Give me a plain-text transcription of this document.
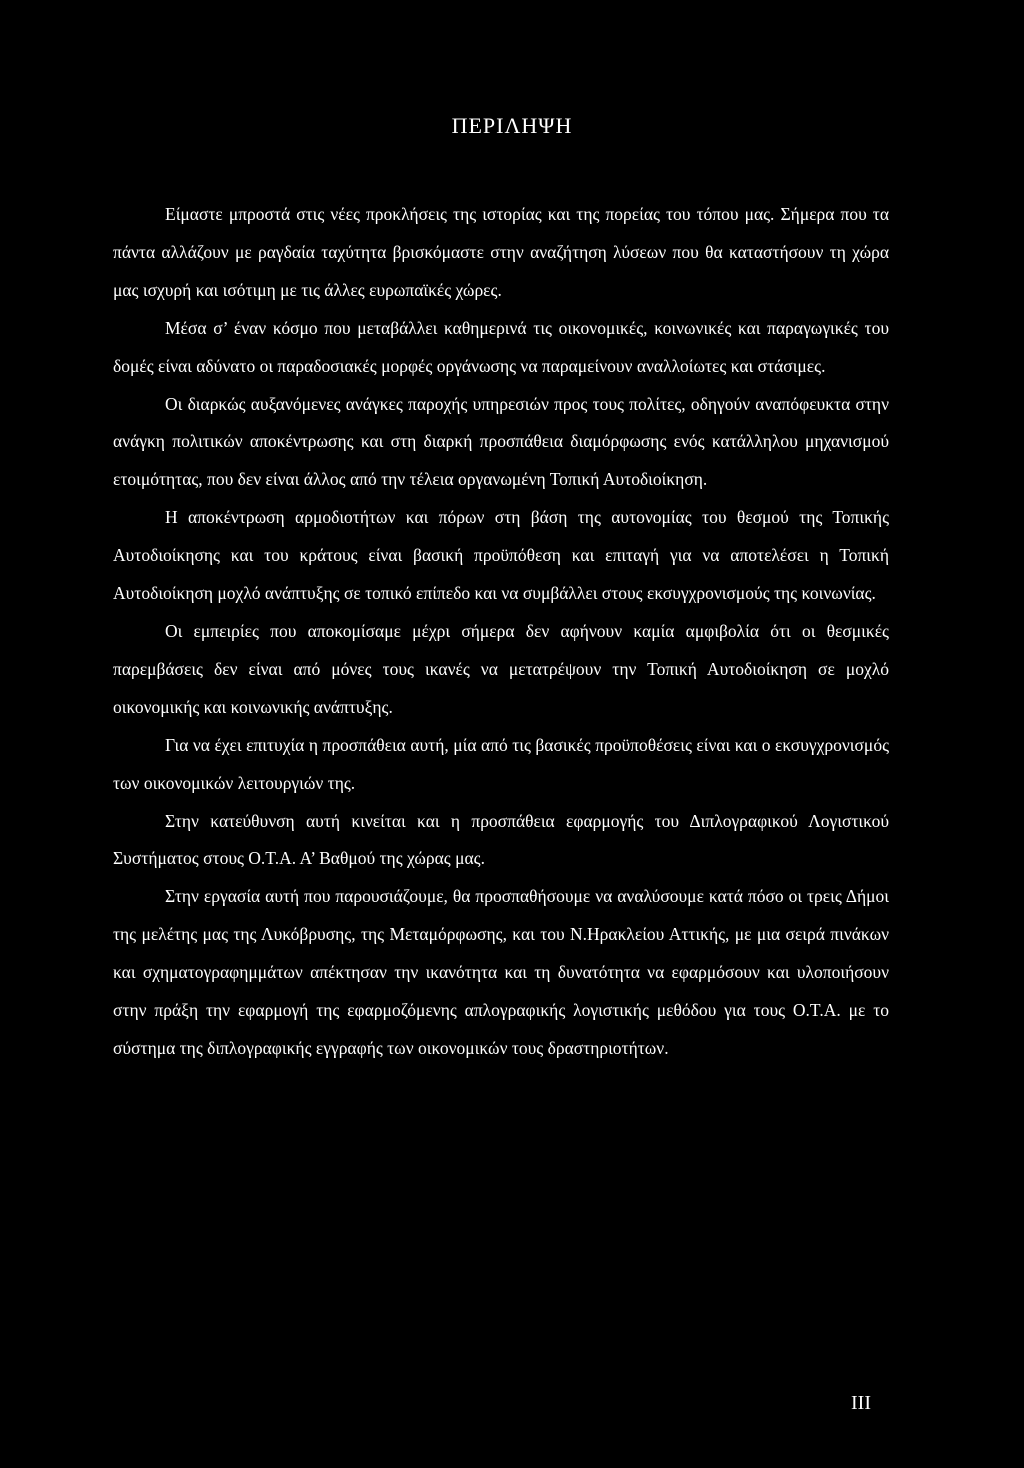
ΠΕΡΙΛΗΨΗ

Είμαστε μπροστά στις νέες προκλήσεις της ιστορίας και της πορείας του τόπου μας. Σήμερα που τα πάντα αλλάζουν με ραγδαία ταχύτητα βρισκόμαστε στην αναζήτηση λύσεων που θα καταστήσουν τη χώρα μας ισχυρή και ισότιμη με τις άλλες ευρωπαϊκές χώρες.

Μέσα σ’ έναν κόσμο που μεταβάλλει καθημερινά τις οικονομικές, κοινωνικές και παραγωγικές του δομές είναι αδύνατο οι παραδοσιακές μορφές οργάνωσης να παραμείνουν αναλλοίωτες και στάσιμες.

Οι διαρκώς αυξανόμενες ανάγκες παροχής υπηρεσιών προς τους πολίτες, οδηγούν αναπόφευκτα στην ανάγκη πολιτικών αποκέντρωσης και στη διαρκή προσπάθεια διαμόρφωσης ενός κατάλληλου μηχανισμού ετοιμότητας, που δεν είναι άλλος από την τέλεια οργανωμένη Τοπική Αυτοδιοίκηση.

Η αποκέντρωση αρμοδιοτήτων και πόρων στη βάση της αυτονομίας του θεσμού της Τοπικής Αυτοδιοίκησης και του κράτους είναι βασική προϋπόθεση και επιταγή για να αποτελέσει η Τοπική Αυτοδιοίκηση μοχλό ανάπτυξης σε τοπικό επίπεδο και να συμβάλλει στους εκσυγχρονισμούς της κοινωνίας.

Οι εμπειρίες που αποκομίσαμε μέχρι σήμερα δεν αφήνουν καμία αμφιβολία ότι οι θεσμικές παρεμβάσεις δεν είναι από μόνες τους ικανές να μετατρέψουν την Τοπική Αυτοδιοίκηση σε μοχλό οικονομικής και κοινωνικής ανάπτυξης.

Για να έχει επιτυχία η προσπάθεια αυτή, μία από τις βασικές προϋποθέσεις είναι και ο εκσυγχρονισμός των οικονομικών λειτουργιών της.

Στην κατεύθυνση αυτή κινείται και η προσπάθεια εφαρμογής του Διπλογραφικού Λογιστικού Συστήματος στους Ο.Τ.Α. Α’ Βαθμού της χώρας μας.

Στην εργασία αυτή που παρουσιάζουμε, θα προσπαθήσουμε να αναλύσουμε κατά πόσο οι τρεις Δήμοι της μελέτης μας της Λυκόβρυσης, της Μεταμόρφωσης, και του Ν.Ηρακλείου Αττικής, με μια σειρά πινάκων και σχηματογραφημμάτων απέκτησαν την ικανότητα και τη δυνατότητα να εφαρμόσουν και υλοποιήσουν στην πράξη την εφαρμογή της εφαρμοζόμενης απλογραφικής λογιστικής μεθόδου για τους Ο.Τ.Α. με το σύστημα της διπλογραφικής εγγραφής των οικονομικών τους δραστηριοτήτων.

III
